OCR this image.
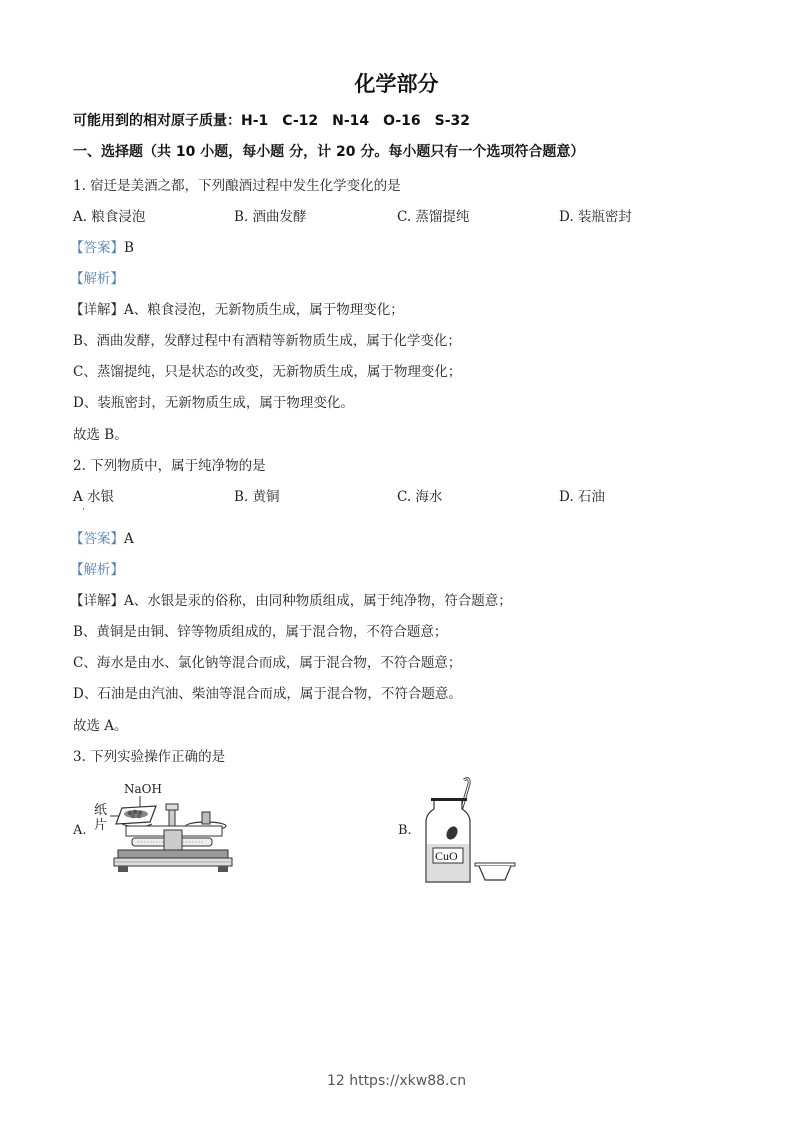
化学部分
可能用到的相对原子质量：H-1　C-12　N-14　O-16　S-32
一、选择题（共 10 小题，每小题 分，计 20 分。每小题只有一个选项符合题意）
1. 宿迁是美酒之都，下列酿酒过程中发生化学变化的是
A. 粮食浸泡	B. 酒曲发酵	C. 蒸馏提纯	D. 装瓶密封
【答案】B
【解析】
【详解】A、粮食浸泡，无新物质生成，属于物理变化；
B、酒曲发酵，发酵过程中有酒精等新物质生成，属于化学变化；
C、蒸馏提纯，只是状态的改变，无新物质生成，属于物理变化；
D、装瓶密封，无新物质生成，属于物理变化。
故选 B。
2. 下列物质中，属于纯净物的是
A 水银	B. 黄铜	C. 海水	D. 石油
【答案】A
【解析】
【详解】A、水银是汞的俗称，由同种物质组成，属于纯净物，符合题意；
B、黄铜是由铜、锌等物质组成的，属于混合物，不符合题意；
C、海水是由水、氯化钠等混合而成，属于混合物，不符合题意；
D、石油是由汽油、柴油等混合而成，属于混合物，不符合题意。
故选 A。
3. 下列实验操作正确的是
A.
NaOH
纸片	B.
CuO
12 https://xkw88.cn
